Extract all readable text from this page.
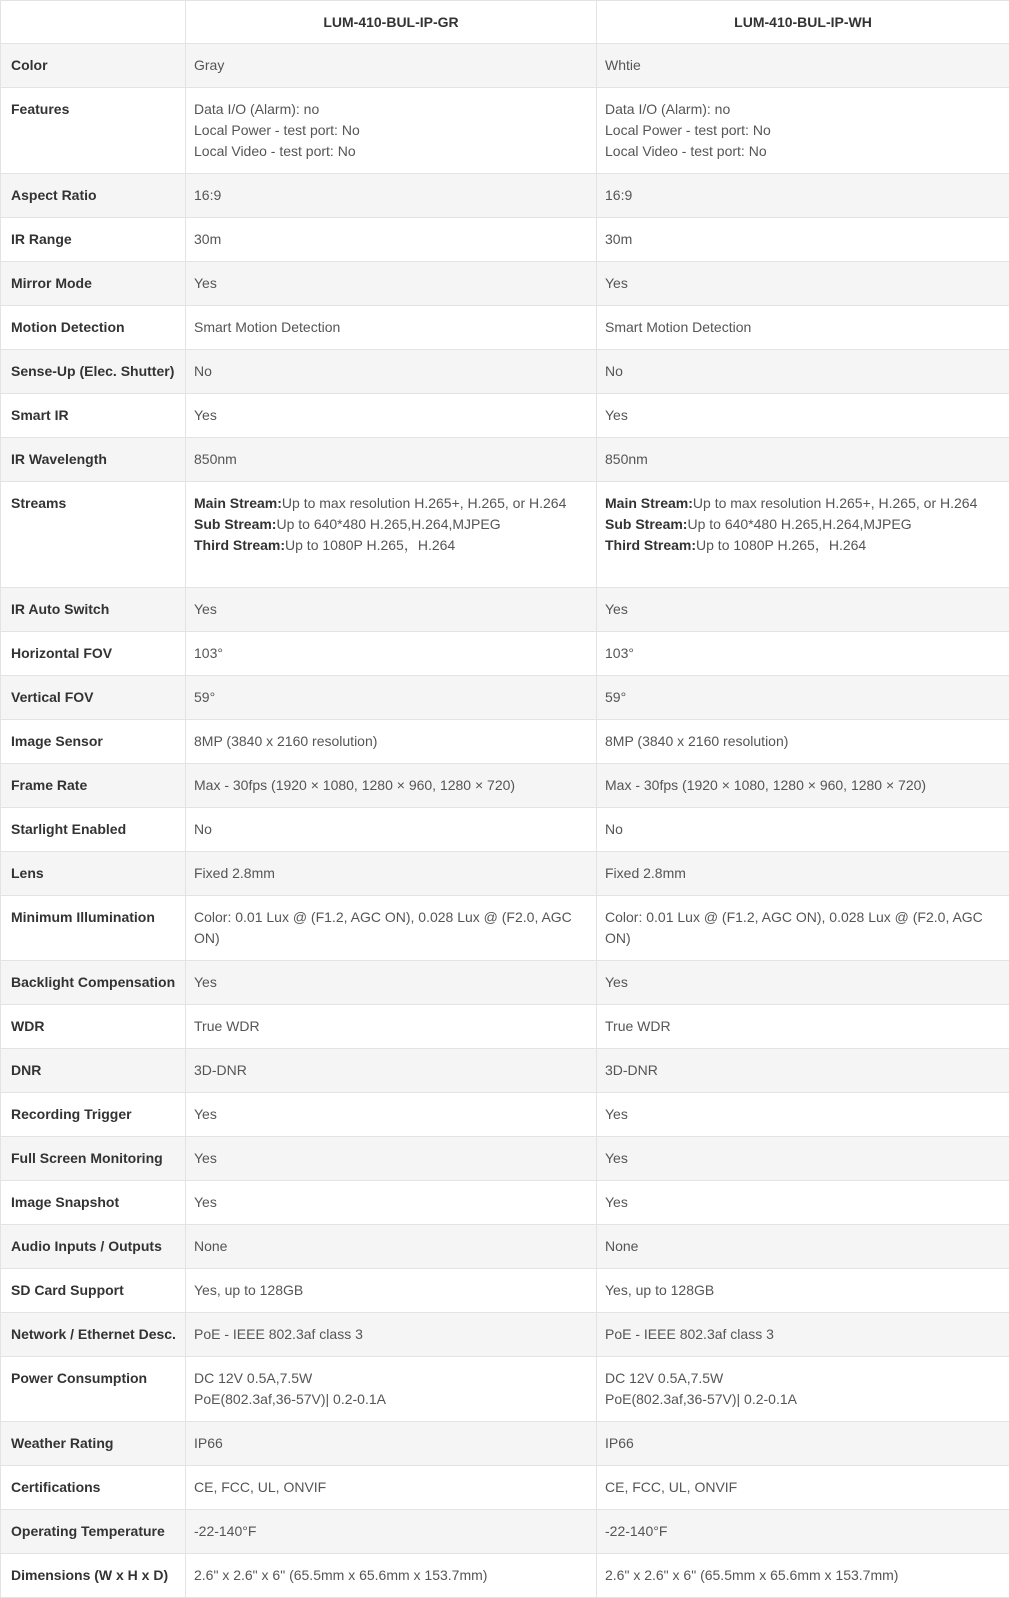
	LUM-410-BUL-IP-GR	LUM-410-BUL-IP-WH
Color	Gray	Whtie

Features	Data I/O (Alarm): no
Local Power - test port: No
Local Video - test port: No	Data I/O (Alarm): no
Local Power - test port: No
Local Video - test port: No

Aspect Ratio	16:9	16:9

IR Range	30m	30m

Mirror Mode	Yes	Yes

Motion Detection	Smart Motion Detection	Smart Motion Detection

Sense-Up (Elec. Shutter)	No	No

Smart IR	Yes	Yes

IR Wavelength	850nm	850nm

Streams	Main Stream:Up to max resolution H.265+, H.265, or H.264
Sub Stream:Up to 640*480 H.265,H.264,MJPEG
Third Stream:Up to 1080P H.265，H.264	Main Stream:Up to max resolution H.265+, H.265, or H.264
Sub Stream:Up to 640*480 H.265,H.264,MJPEG
Third Stream:Up to 1080P H.265，H.264

IR Auto Switch	Yes	Yes

Horizontal FOV	103°	103°

Vertical FOV	59°	59°

Image Sensor	8MP (3840 x 2160 resolution)	8MP (3840 x 2160 resolution)

Frame Rate	Max - 30fps (1920 × 1080, 1280 × 960, 1280 × 720)	Max - 30fps (1920 × 1080, 1280 × 960, 1280 × 720)

Starlight Enabled	No	No

Lens	Fixed 2.8mm	Fixed 2.8mm

Minimum Illumination	Color: 0.01 Lux @ (F1.2, AGC ON), 0.028 Lux @ (F2.0, AGC ON)	Color: 0.01 Lux @ (F1.2, AGC ON), 0.028 Lux @ (F2.0, AGC ON)

Backlight Compensation	Yes	Yes

WDR	True WDR	True WDR

DNR	3D-DNR	3D-DNR

Recording Trigger	Yes	Yes

Full Screen Monitoring	Yes	Yes

Image Snapshot	Yes	Yes

Audio Inputs / Outputs	None	None

SD Card Support	Yes, up to 128GB	Yes, up to 128GB

Network / Ethernet Desc.	PoE - IEEE 802.3af class 3	PoE - IEEE 802.3af class 3

Power Consumption	DC 12V 0.5A,7.5W
PoE(802.3af,36-57V)| 0.2-0.1A	DC 12V 0.5A,7.5W
PoE(802.3af,36-57V)| 0.2-0.1A

Weather Rating	IP66	IP66

Certifications	CE, FCC, UL, ONVIF	CE, FCC, UL, ONVIF

Operating Temperature	-22-140°F	-22-140°F

Dimensions (W x H x D)	2.6" x 2.6" x 6" (65.5mm x 65.6mm x 153.7mm)	2.6" x 2.6" x 6" (65.5mm x 65.6mm x 153.7mm)
